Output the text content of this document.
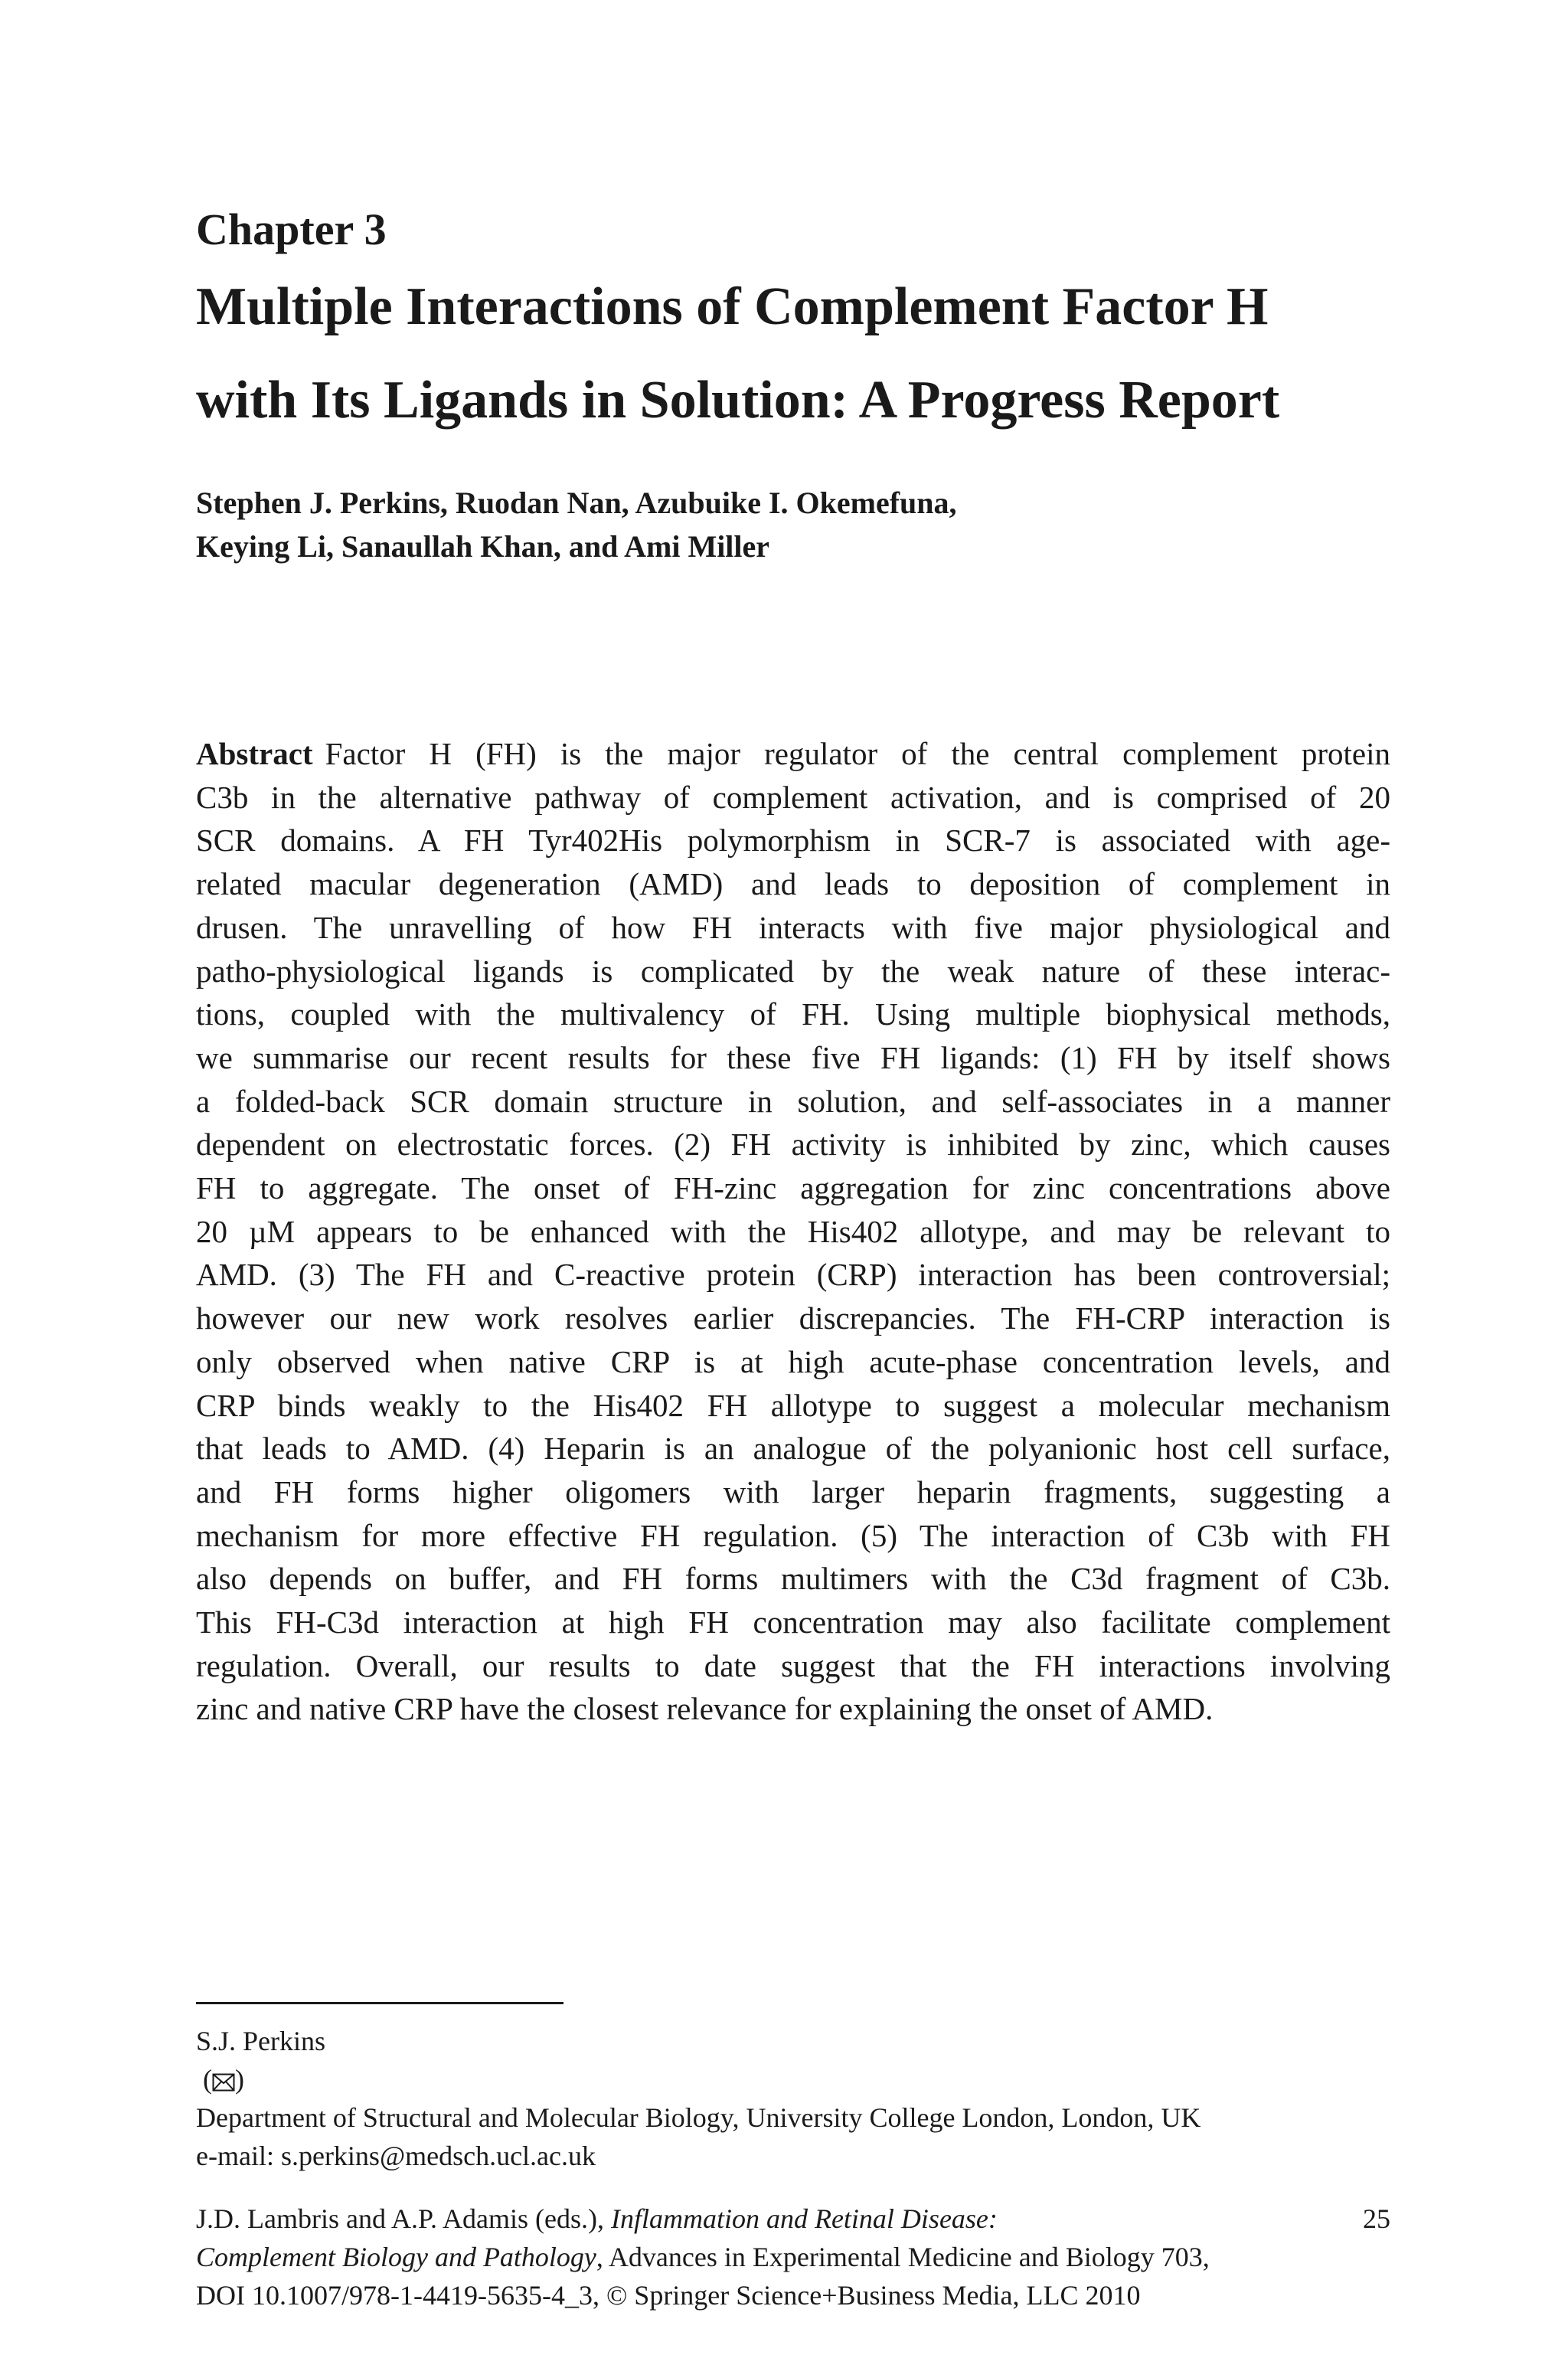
Chapter 3
Multiple Interactions of Complement Factor H
with Its Ligands in Solution: A Progress Report
Stephen J. Perkins, Ruodan Nan, Azubuike I. Okemefuna,
Keying Li, Sanaullah Khan, and Ami Miller
Abstract Factor H (FH) is the major regulator of the central complement protein
C3b in the alternative pathway of complement activation, and is comprised of 20
SCR domains. A FH Tyr402His polymorphism in SCR-7 is associated with age-
related macular degeneration (AMD) and leads to deposition of complement in
drusen. The unravelling of how FH interacts with five major physiological and
patho-physiological ligands is complicated by the weak nature of these interac-
tions, coupled with the multivalency of FH. Using multiple biophysical methods,
we summarise our recent results for these five FH ligands: (1) FH by itself shows
a folded-back SCR domain structure in solution, and self-associates in a manner
dependent on electrostatic forces. (2) FH activity is inhibited by zinc, which causes
FH to aggregate. The onset of FH-zinc aggregation for zinc concentrations above
20 µM appears to be enhanced with the His402 allotype, and may be relevant to
AMD. (3) The FH and C-reactive protein (CRP) interaction has been controversial;
however our new work resolves earlier discrepancies. The FH-CRP interaction is
only observed when native CRP is at high acute-phase concentration levels, and
CRP binds weakly to the His402 FH allotype to suggest a molecular mechanism
that leads to AMD. (4) Heparin is an analogue of the polyanionic host cell surface,
and FH forms higher oligomers with larger heparin fragments, suggesting a
mechanism for more effective FH regulation. (5) The interaction of C3b with FH
also depends on buffer, and FH forms multimers with the C3d fragment of C3b.
This FH-C3d interaction at high FH concentration may also facilitate complement
regulation. Overall, our results to date suggest that the FH interactions involving
zinc and native CRP have the closest relevance for explaining the onset of AMD.
S.J. Perkins
( )
Department of Structural and Molecular Biology, University College London, London, UK
e-mail: s.perkins@medsch.ucl.ac.uk
J.D. Lambris and A.P. Adamis (eds.), Inflammation and Retinal Disease:
Complement Biology and Pathology, Advances in Experimental Medicine and Biology 703,
DOI 10.1007/978-1-4419-5635-4_3, © Springer Science+Business Media, LLC 2010
25
